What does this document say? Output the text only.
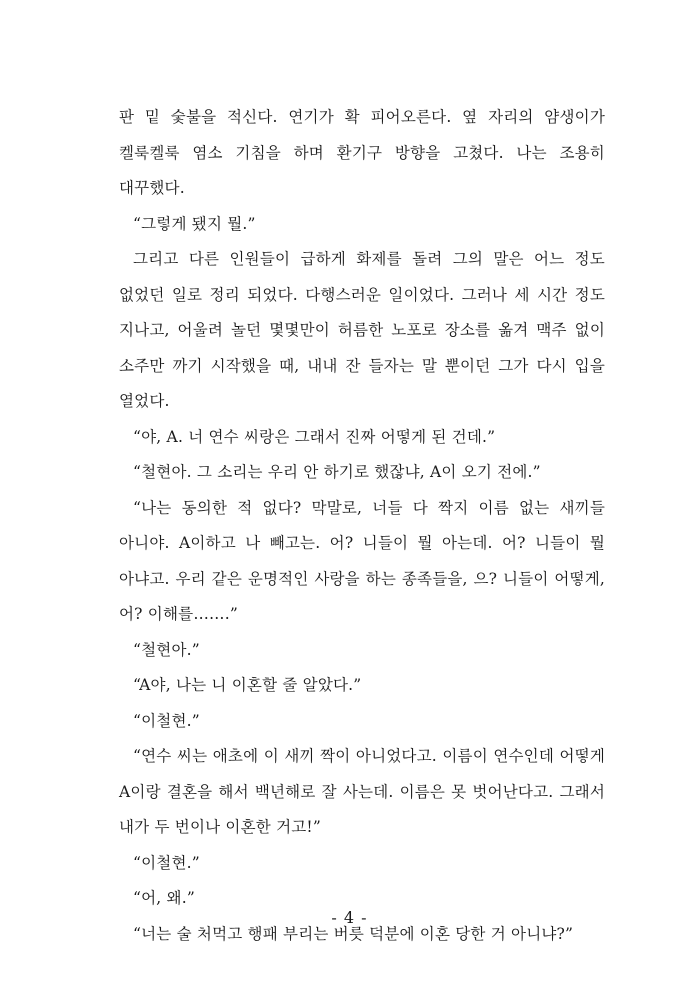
판 밑 숯불을 적신다. 연기가 확 피어오른다. 옆 자리의 얌생이가 켈룩켈룩 염소 기침을 하며 환기구 방향을 고쳤다. 나는 조용히 대꾸했다.

“그렇게 됐지 뭘.”

그리고 다른 인원들이 급하게 화제를 돌려 그의 말은 어느 정도 없었던 일로 정리 되었다. 다행스러운 일이었다. 그러나 세 시간 정도 지나고, 어울려 놀던 몇몇만이 허름한 노포로 장소를 옮겨 맥주 없이 소주만 까기 시작했을 때, 내내 잔 들자는 말 뿐이던 그가 다시 입을 열었다.

“야, A. 너 연수 씨랑은 그래서 진짜 어떻게 된 건데.”

“철현아. 그 소리는 우리 안 하기로 했잖냐, A이 오기 전에.”

“나는 동의한 적 없다? 막말로, 너들 다 짝지 이름 없는 새끼들 아니야. A이하고 나 빼고는. 어? 니들이 뭘 아는데. 어? 니들이 뭘 아냐고. 우리 같은 운명적인 사랑을 하는 종족들을, 으? 니들이 어떻게, 어? 이해를…….”

“철현아.”

“A야, 나는 니 이혼할 줄 알았다.”

“이철현.”

“연수 씨는 애초에 이 새끼 짝이 아니었다고. 이름이 연수인데 어떻게 A이랑 결혼을 해서 백년해로 잘 사는데. 이름은 못 벗어난다고. 그래서 내가 두 번이나 이혼한 거고!”

“이철현.”

“어, 왜.”

“너는 술 처먹고 행패 부리는 버릇 덕분에 이혼 당한 거 아니냐?”

- 4 -
